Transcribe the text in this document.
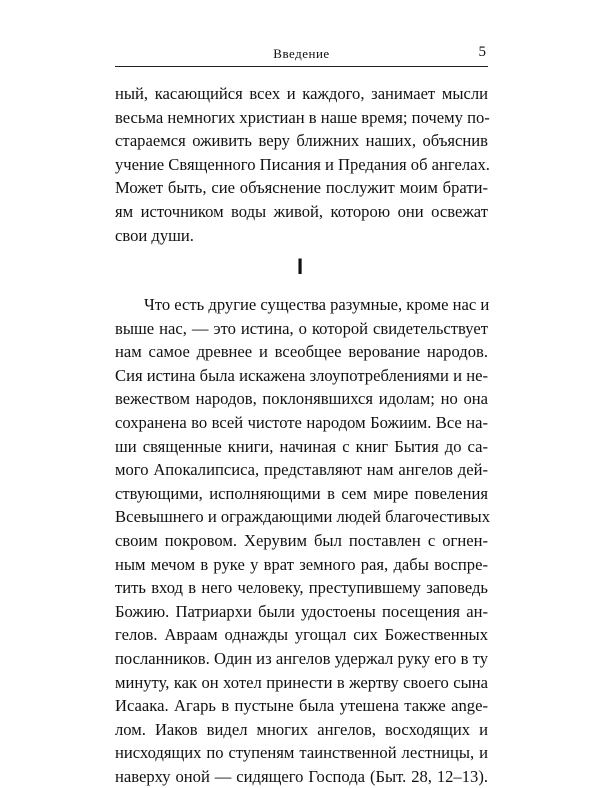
Введение	5

ный, касающийся всех и каждого, занимает мысли
весьма немногих христиан в наше время; почему по-
стараемся оживить веру ближних наших, объяснив
учение Священного Писания и Предания об ангелах.
Может быть, сие объяснение послужит моим брати-
ям источником воды живой, которою они освежат
свои души.

I

Что есть другие существа разумные, кроме нас и
выше нас, — это истина, о которой свидетельствует
нам самое древнее и всеобщее верование народов.
Сия истина была искажена злоупотреблениями и не-
вежеством народов, поклонявшихся идолам; но она
сохранена во всей чистоте народом Божиим. Все на-
ши священные книги, начиная с книг Бытия до са-
мого Апокалипсиса, представляют нам ангелов дей-
ствующими, исполняющими в сем мире повеления
Всевышнего и ограждающими людей благочестивых
своим покровом. Херувим был поставлен с огнен-
ным мечом в руке у врат земного рая, дабы воспре-
тить вход в него человеку, преступившему заповедь
Божию. Патриархи были удостоены посещения ан-
гелов. Авраам однажды угощал сих Божественных
посланников. Один из ангелов удержал руку его в ту
минуту, как он хотел принести в жертву своего сына
Исаака. Агарь в пустыне была утешена также ange-
лом. Иаков видел многих ангелов, восходящих и
нисходящих по ступеням таинственной лестницы, и
наверху оной — сидящего Господа (Быт. 28, 12–13).
